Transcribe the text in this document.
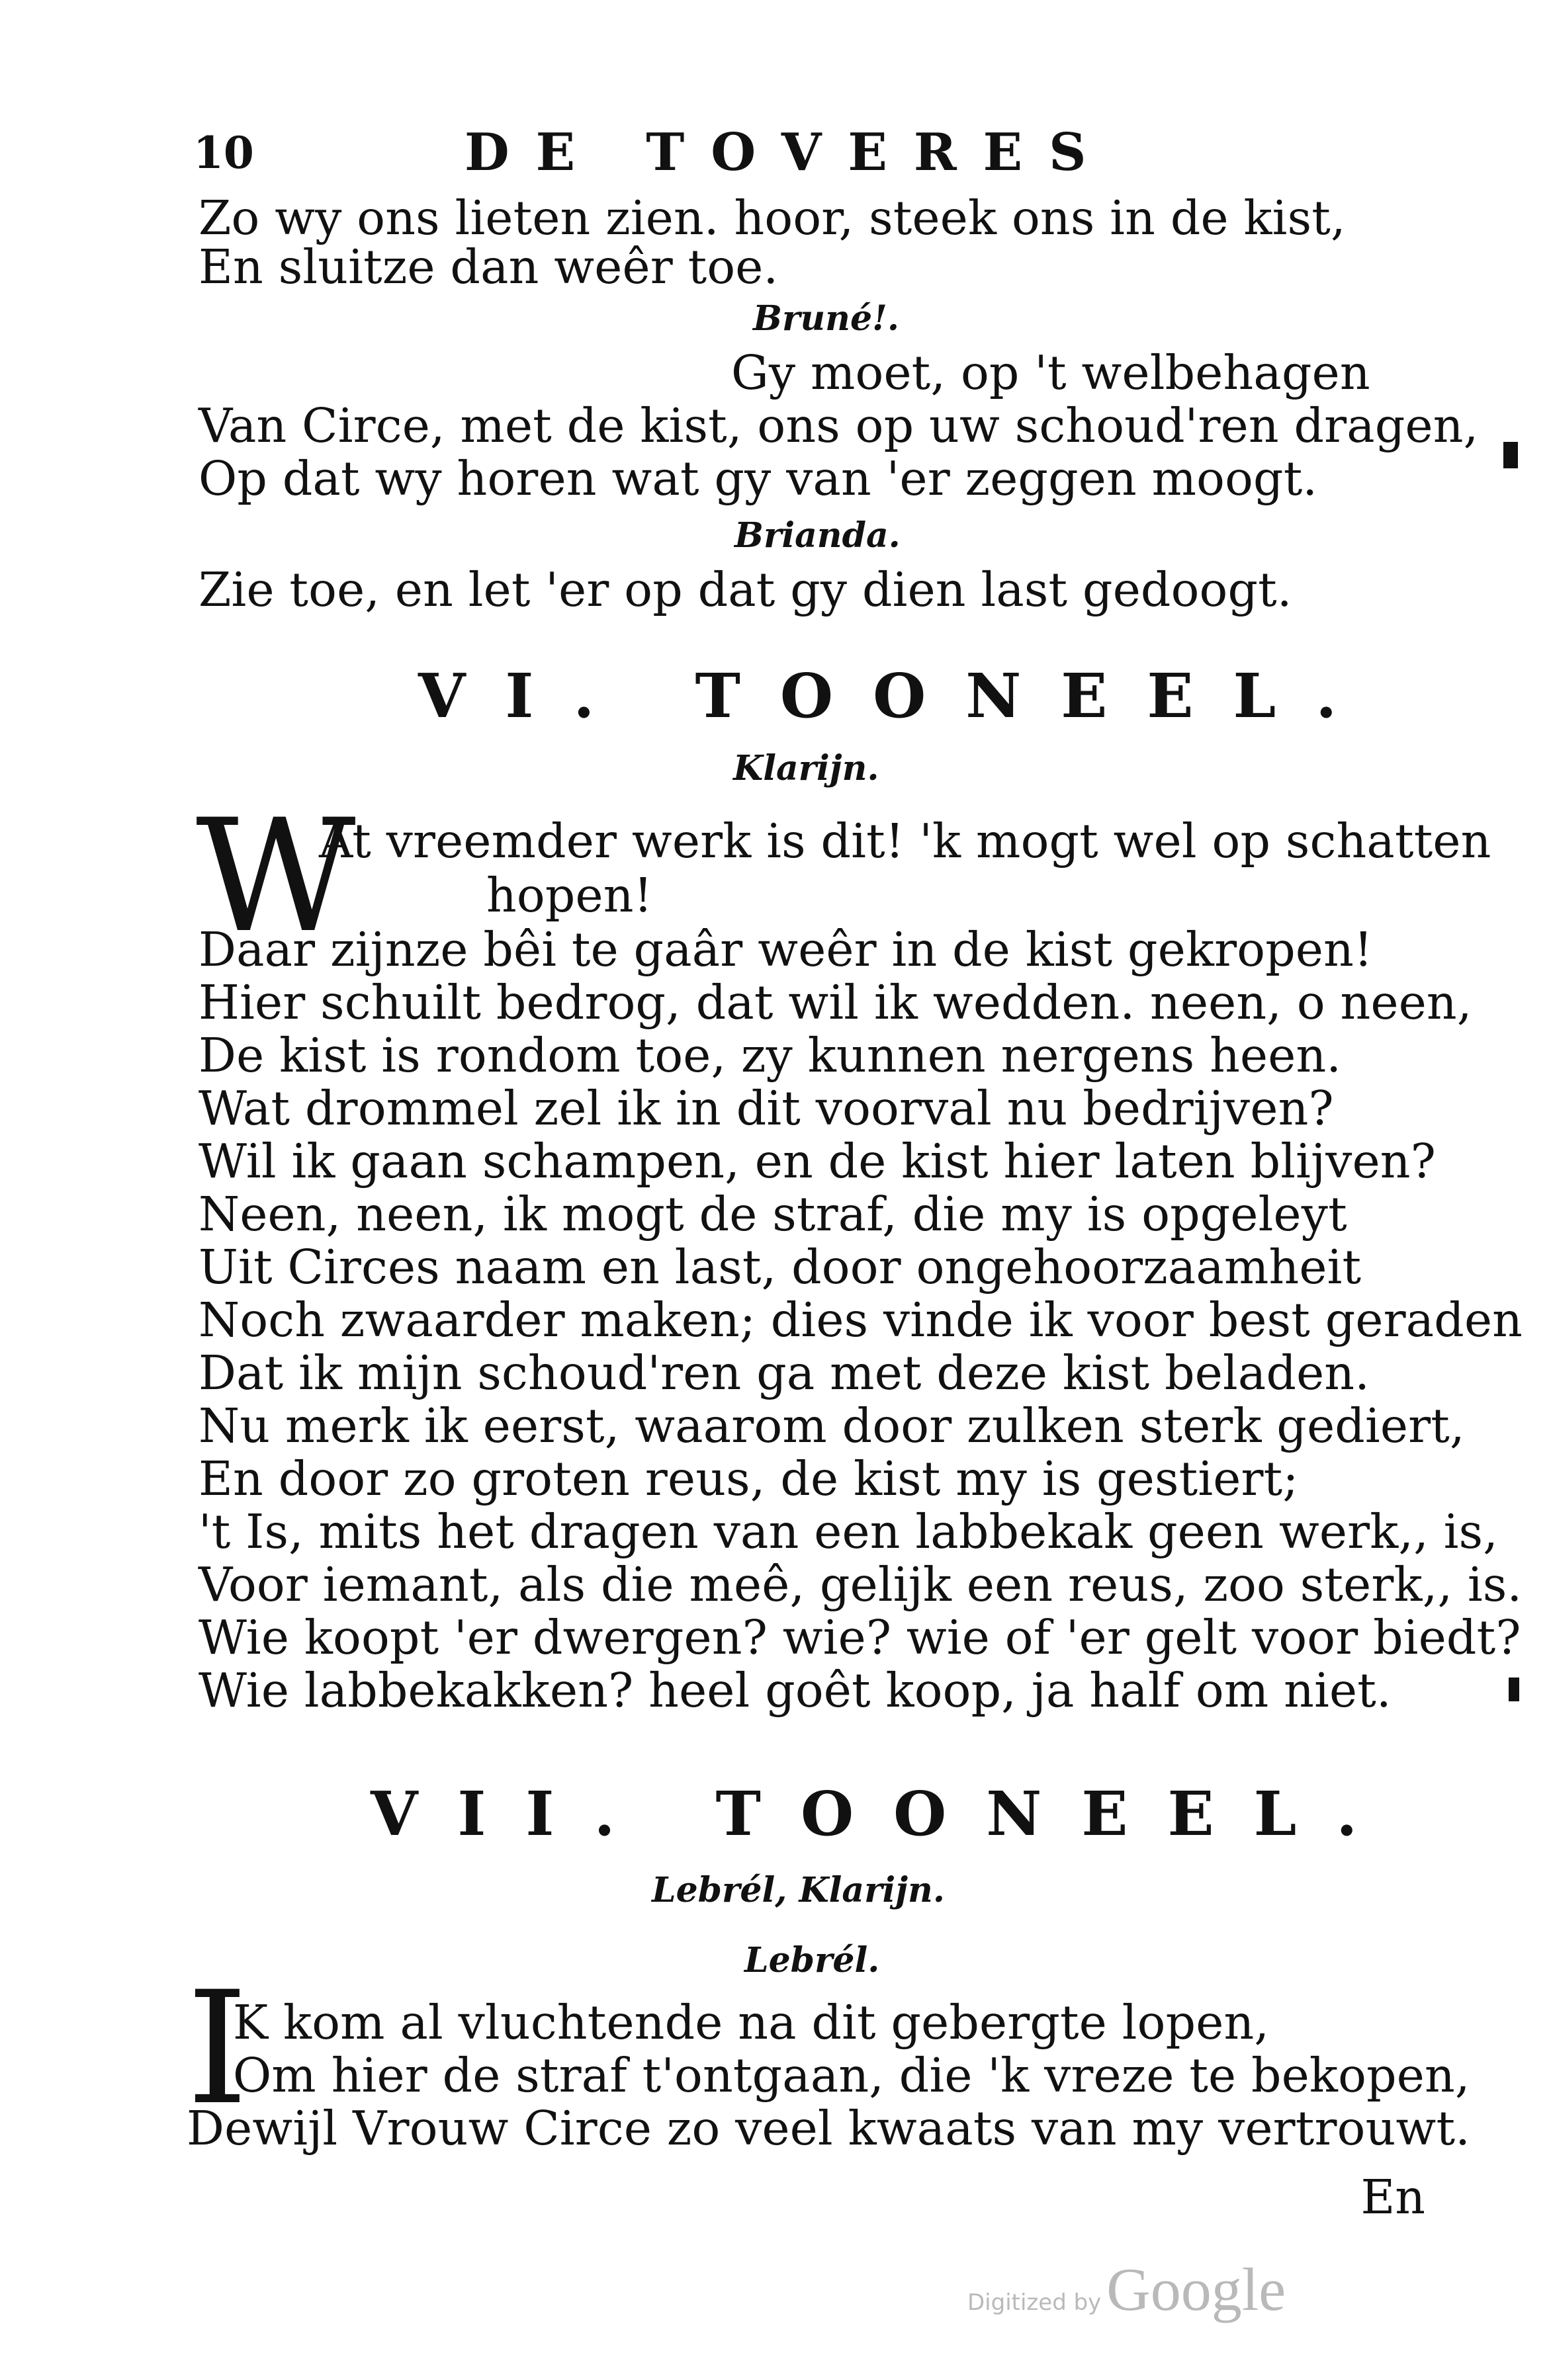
10	DE TOVERES
Zo wy ons lieten zien. hoor, steek ons in de kist,
En sluitze dan weêr toe.
Bruné!.
Gy moet, op 't welbehagen
Van Circe, met de kist, ons op uw schoud'ren dragen,
Op dat wy horen wat gy van 'er zeggen moogt.
Brianda.
Zie toe, en let 'er op dat gy dien last gedoogt.
VI. TOONEEL.
Klarijn.
W
At vreemder werk is dit! 'k mogt wel op schatten
hopen!
Daar zijnze bêi te gaâr weêr in de kist gekropen!
Hier schuilt bedrog, dat wil ik wedden. neen, o neen,
De kist is rondom toe, zy kunnen nergens heen.
Wat drommel zel ik in dit voorval nu bedrijven?
Wil ik gaan schampen, en de kist hier laten blijven?
Neen, neen, ik mogt de straf, die my is opgeleyt
Uit Circes naam en last, door ongehoorzaamheit
Noch zwaarder maken; dies vinde ik voor best geraden
Dat ik mijn schoud'ren ga met deze kist beladen.
Nu merk ik eerst, waarom door zulken sterk gediert,
En door zo groten reus, de kist my is gestiert;
't Is, mits het dragen van een labbekak geen werk,, is,
Voor iemant, als die meê, gelijk een reus, zoo sterk,, is.
Wie koopt 'er dwergen? wie? wie of 'er gelt voor biedt?
Wie labbekakken? heel goêt koop, ja half om niet.
VII. TOONEEL.
Lebrél, Klarijn.
Lebrél.
I
K kom al vluchtende na dit gebergte lopen,
Om hier de straf t'ontgaan, die 'k vreze te bekopen,
Dewijl Vrouw Circe zo veel kwaats van my vertrouwt.
En
Digitized byGoogle
